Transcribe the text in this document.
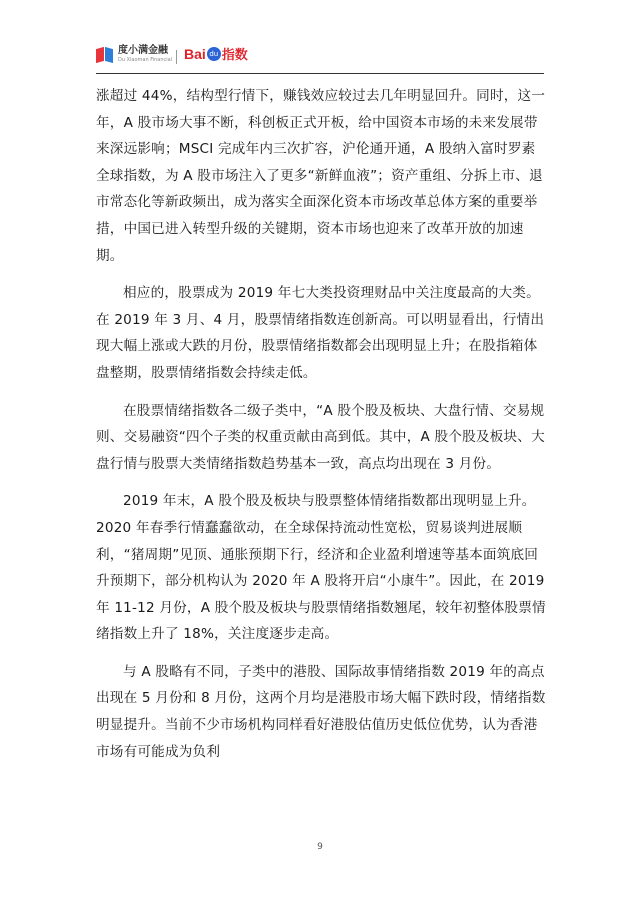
度小满金融
Du Xiaoman Financial Bai du 指数

涨超过 44%，结构型行情下，赚钱效应较过去几年明显回升。同时，这一年，A 股市场大事不断，科创板正式开板，给中国资本市场的未来发展带来深远影响；MSCI 完成年内三次扩容，沪伦通开通，A 股纳入富时罗素全球指数，为 A 股市场注入了更多“新鲜血液”；资产重组、分拆上市、退市常态化等新政频出，成为落实全面深化资本市场改革总体方案的重要举措，中国已进入转型升级的关键期，资本市场也迎来了改革开放的加速期。

相应的，股票成为 2019 年七大类投资理财品中关注度最高的大类。在 2019 年 3 月、4 月，股票情绪指数连创新高。可以明显看出，行情出现大幅上涨或大跌的月份，股票情绪指数都会出现明显上升；在股指箱体盘整期，股票情绪指数会持续走低。

在股票情绪指数各二级子类中，“A 股个股及板块、大盘行情、交易规则、交易融资“四个子类的权重贡献由高到低。其中，A 股个股及板块、大盘行情与股票大类情绪指数趋势基本一致，高点均出现在 3 月份。

2019 年末，A 股个股及板块与股票整体情绪指数都出现明显上升。2020 年春季行情蠢蠢欲动，在全球保持流动性宽松，贸易谈判进展顺利，“猪周期”见顶、通胀预期下行，经济和企业盈利增速等基本面筑底回升预期下，部分机构认为 2020 年 A 股将开启“小康牛”。因此，在 2019 年 11-12 月份，A 股个股及板块与股票情绪指数翘尾，较年初整体股票情绪指数上升了 18%，关注度逐步走高。

与 A 股略有不同，子类中的港股、国际故事情绪指数 2019 年的高点出现在 5 月份和 8 月份，这两个月均是港股市场大幅下跌时段，情绪指数明显提升。当前不少市场机构同样看好港股估值历史低位优势，认为香港市场有可能成为负利

9
